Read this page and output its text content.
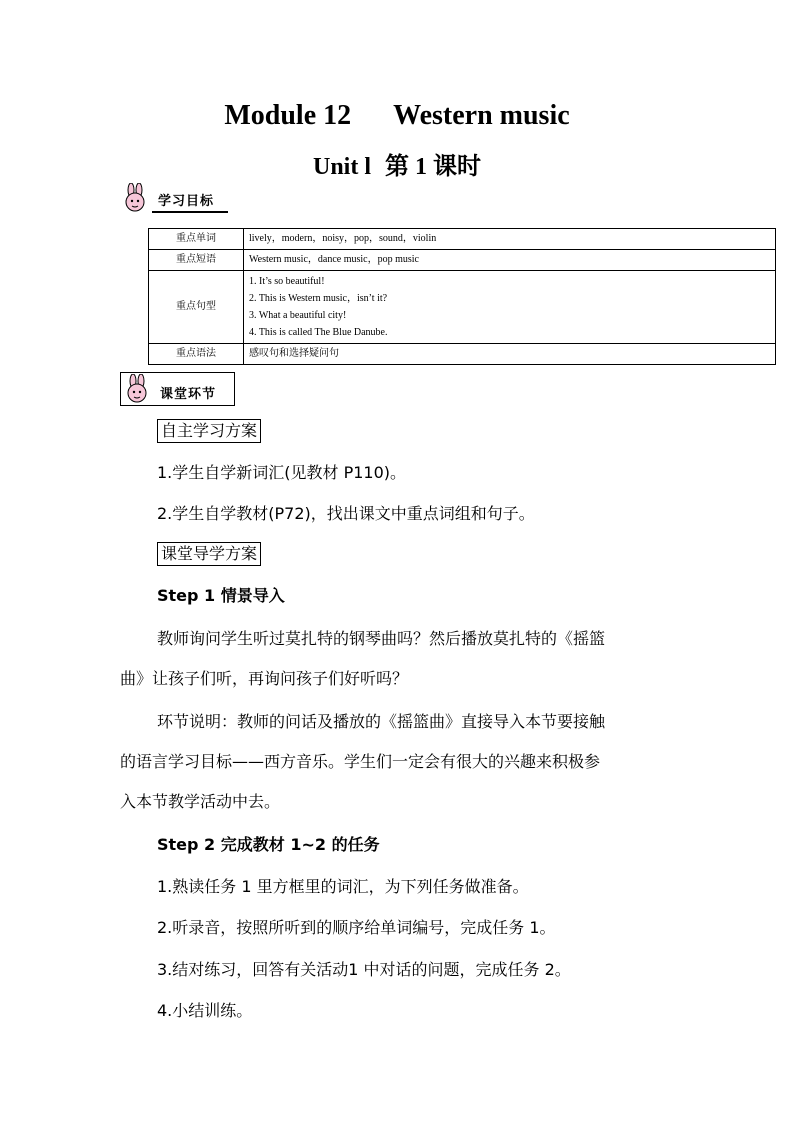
Module 12 Western music
Unit l 第 1 课时
学习目标
重点单词	lively，modern，noisy，pop，sound，violin
重点短语	Western music，dance music，pop music
重点句型	1. It’s so beautiful!
2. This is Western music，isn’t it?
3. What a beautiful city!
4. This is called The Blue Danube.

重点语法	感叹句和选择疑问句
课堂环节
自主学习方案
1.学生自学新词汇(见教材 P110)。
2.学生自学教材(P72)，找出课文中重点词组和句子。
课堂导学方案
Step 1 情景导入
教师询问学生听过莫扎特的钢琴曲吗？然后播放莫扎特的《摇篮
曲》让孩子们听，再询问孩子们好听吗？
环节说明：教师的问话及播放的《摇篮曲》直接导入本节要接触
的语言学习目标——西方音乐。学生们一定会有很大的兴趣来积极参
入本节教学活动中去。
Step 2 完成教材 1~2 的任务
1.熟读任务 1 里方框里的词汇，为下列任务做准备。
2.听录音，按照所听到的顺序给单词编号，完成任务 1。
3.结对练习，回答有关活动1 中对话的问题，完成任务 2。
4.小结训练。
